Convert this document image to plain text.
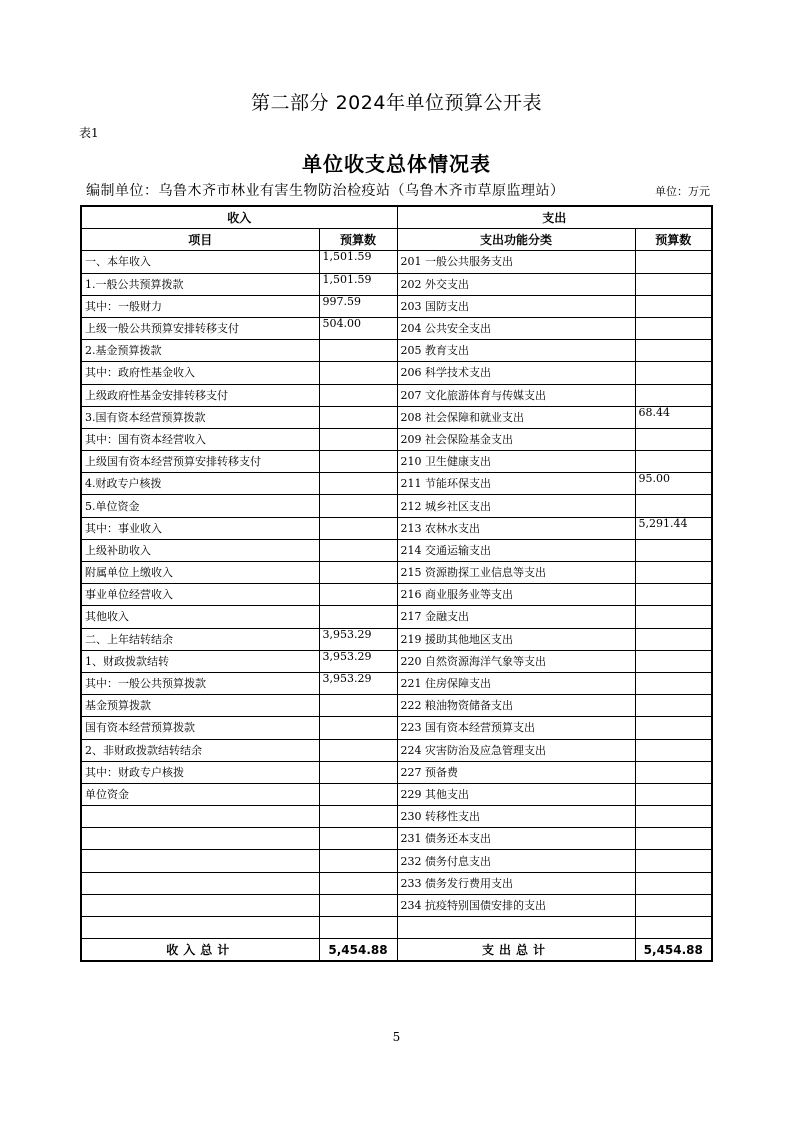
第二部分 2024年单位预算公开表
表1
单位收支总体情况表
编制单位：乌鲁木齐市林业有害生物防治检疫站（乌鲁木齐市草原监理站）	单位：万元
收入		支出	
项目	预算数	支出功能分类	预算数
一、本年收入	1,501.59	201 一般公共服务支出	
1.一般公共预算拨款	1,501.59	202 外交支出	
其中：一般财力	997.59	203 国防支出	
上级一般公共预算安排转移支付	504.00	204 公共安全支出	
2.基金预算拨款		205 教育支出	
其中：政府性基金收入		206 科学技术支出	
上级政府性基金安排转移支付		207 文化旅游体育与传媒支出	
3.国有资本经营预算拨款		208 社会保障和就业支出	68.44
其中：国有资本经营收入		209 社会保险基金支出	
上级国有资本经营预算安排转移支付		210 卫生健康支出	
4.财政专户核拨		211 节能环保支出	95.00
5.单位资金		212 城乡社区支出	
其中：事业收入		213 农林水支出	5,291.44
上级补助收入		214 交通运输支出	
附属单位上缴收入		215 资源勘探工业信息等支出	
事业单位经营收入		216 商业服务业等支出	
其他收入		217 金融支出	
二、上年结转结余	3,953.29	219 援助其他地区支出	
1、财政拨款结转	3,953.29	220 自然资源海洋气象等支出	
其中：一般公共预算拨款	3,953.29	221 住房保障支出	
基金预算拨款		222 粮油物资储备支出	
国有资本经营预算拨款		223 国有资本经营预算支出	
2、非财政拨款结转结余		224 灾害防治及应急管理支出	
其中：财政专户核拨		227 预备费	
单位资金		229 其他支出	
		230 转移性支出	
		231 债务还本支出	
		232 债务付息支出	
		233 债务发行费用支出	
		234 抗疫特别国债安排的支出	

收入总计	5,454.88	支出总计	5,454.88
5
